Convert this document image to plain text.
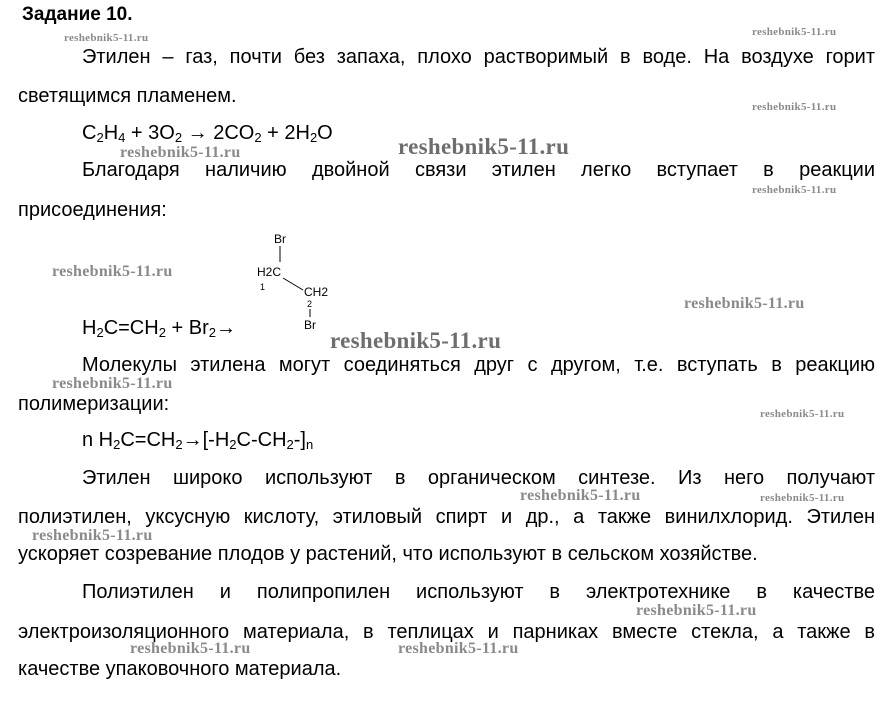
Задание 10.
Этилен – газ, почти без запаха, плохо растворимый в воде. На воздухе горит
светящимся пламенем.
$C_2H_4 + 3O_2 \to 2CO_2 + 2H_2O$
Благодаря наличию двойной связи этилен легко вступает в реакции
присоединения:
Br
H2C
1	CH2
2
Br
$H_2C=CH_2 + Br_2\to$
Молекулы этилена могут соединяться друг с другом, т.е. вступать в реакцию
полимеризации:
n $H_2C=CH_2\to[-H_2C-CH_2-]_n$
Этилен широко используют в органическом синтезе. Из него получают
полиэтилен, уксусную кислоту, этиловый спирт и др., а также винилхлорид. Этилен
ускоряет созревание плодов у растений, что используют в сельском хозяйстве.
Полиэтилен и полипропилен используют в электротехнике в качестве
электроизоляционного материала, в теплицах и парниках вместе стекла, а также в
качестве упаковочного материала.
reshebnik5-11.ru	reshebnik5-11.ru
reshebnik5-11.ru
reshebnik5-11.ru	reshebnik5-11.ru
reshebnik5-11.ru
reshebnik5-11.ru
reshebnik5-11.ru
reshebnik5-11.ru
reshebnik5-11.ru
reshebnik5-11.ru
reshebnik5-11.ru	reshebnik5-11.ru
reshebnik5-11.ru
reshebnik5-11.ru
reshebnik5-11.ru	reshebnik5-11.ru
